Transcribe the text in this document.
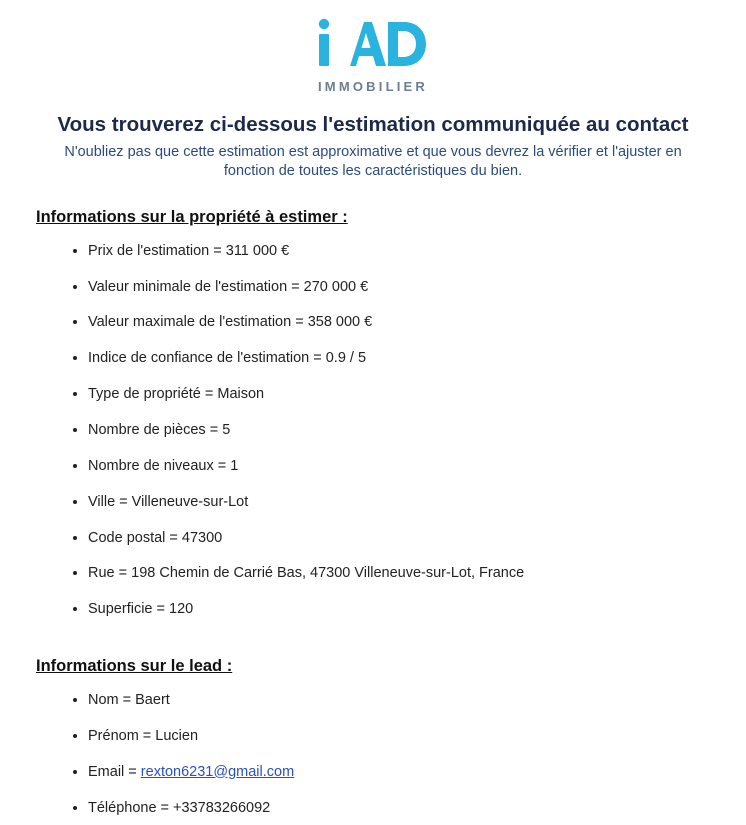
IMMOBILIER
Vous trouverez ci-dessous l'estimation communiquée au contact

N'oubliez pas que cette estimation est approximative et que vous devrez la vérifier et l'ajuster en fonction de toutes les caractéristiques du bien.

Informations sur la propriété à estimer :
• Prix de l'estimation = 311 000 €
• Valeur minimale de l'estimation = 270 000 €
• Valeur maximale de l'estimation = 358 000 €
• Indice de confiance de l'estimation = 0.9 / 5
• Type de propriété = Maison
• Nombre de pièces = 5
• Nombre de niveaux = 1
• Ville = Villeneuve-sur-Lot
• Code postal = 47300
• Rue = 198 Chemin de Carrié Bas, 47300 Villeneuve-sur-Lot, France
• Superficie = 120
Informations sur le lead :
• Nom = Baert
• Prénom = Lucien
• Email = rexton6231@gmail.com
• Téléphone = +33783266092
